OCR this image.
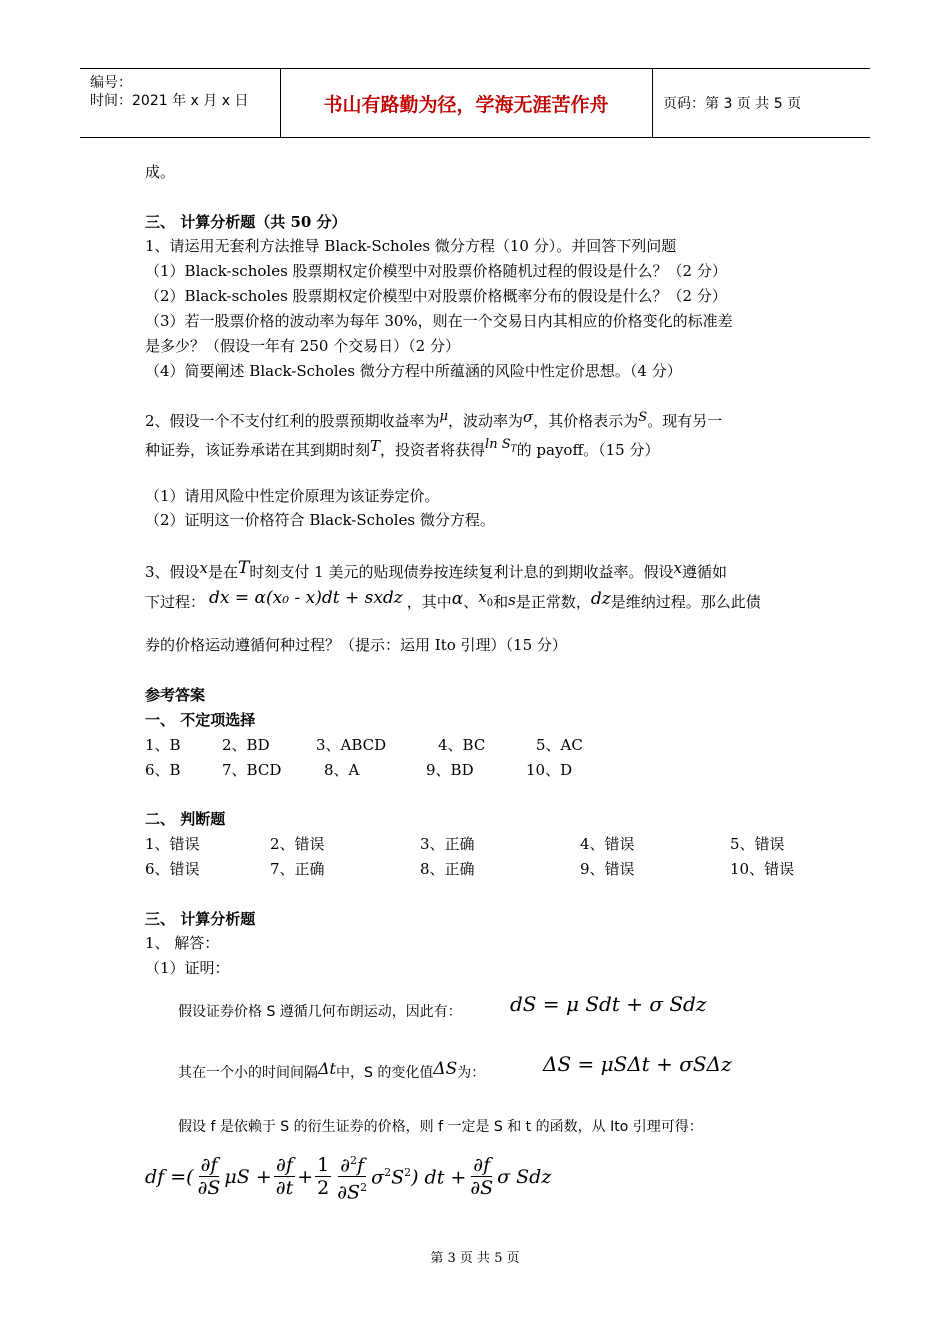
编号：
时间：2021 年 x 月 x 日	书山有路勤为径，学海无涯苦作舟	页码：第 3 页 共 5 页
成。
三、 计算分析题（共 50 分）
1、请运用无套利方法推导 Black-Scholes 微分方程（10 分）。并回答下列问题
（1）Black-scholes 股票期权定价模型中对股票价格随机过程的假设是什么？（2 分）
（2）Black-scholes 股票期权定价模型中对股票价格概率分布的假设是什么？（2 分）
（3）若一股票价格的波动率为每年 30%，则在一个交易日内其相应的价格变化的标准差
是多少？（假设一年有 250 个交易日）（2 分）
（4）简要阐述 Black-Scholes 微分方程中所蕴涵的风险中性定价思想。（4 分）
2、假设一个不支付红利的股票预期收益率为μ，波动率为σ，其价格表示为S。现有另一
种证券，该证券承诺在其到期时刻T，投资者将获得$\ln S_T$的 payoff。（15 分）
（1）请用风险中性定价原理为该证券定价。
（2）证明这一价格符合 Black-Scholes 微分方程。
3、假设x是在T时刻支付 1 美元的贴现债券按连续复利计息的到期收益率。假设x遵循如
下过程： dx = α(x₀ - x)dt + sxdz ，其中α、$x_0$和s是正常数，dz是维纳过程。那么此债
券的价格运动遵循何种过程？（提示：运用 Ito 引理）（15 分）
参考答案
一、 不定项选择
1、B	2、BD	3、ABCD	4、BC	5、AC
6、B	7、BCD	8、A	9、BD	10、D
二、 判断题
1、错误	2、错误	3、正确	4、错误	5、错误
6、错误	7、正确	8、正确	9、错误	10、错误
三、 计算分析题
1、 解答：
（1）证明：
假设证券价格 S 遵循几何布朗运动，因此有： dS = μ Sdt + σ Sdz
其在一个小的时间间隔Δt中，S 的变化值ΔS为：	ΔS = μSΔt + σSΔz
假设 f 是依赖于 S 的衍生证券的价格，则 f 一定是 S 和 t 的函数，从 Ito 引理可得：
df =( $\frac{\partial f}{\partial S}$ $\mu S + \frac{\partial f}{\partial t} + \frac{1}{2} \frac{\partial^2f}{\partial S^2} \sigma^2S^2$) dt + $\frac{\partial f}{\partial S}$ σ Sdz
第 3 页 共 5 页
